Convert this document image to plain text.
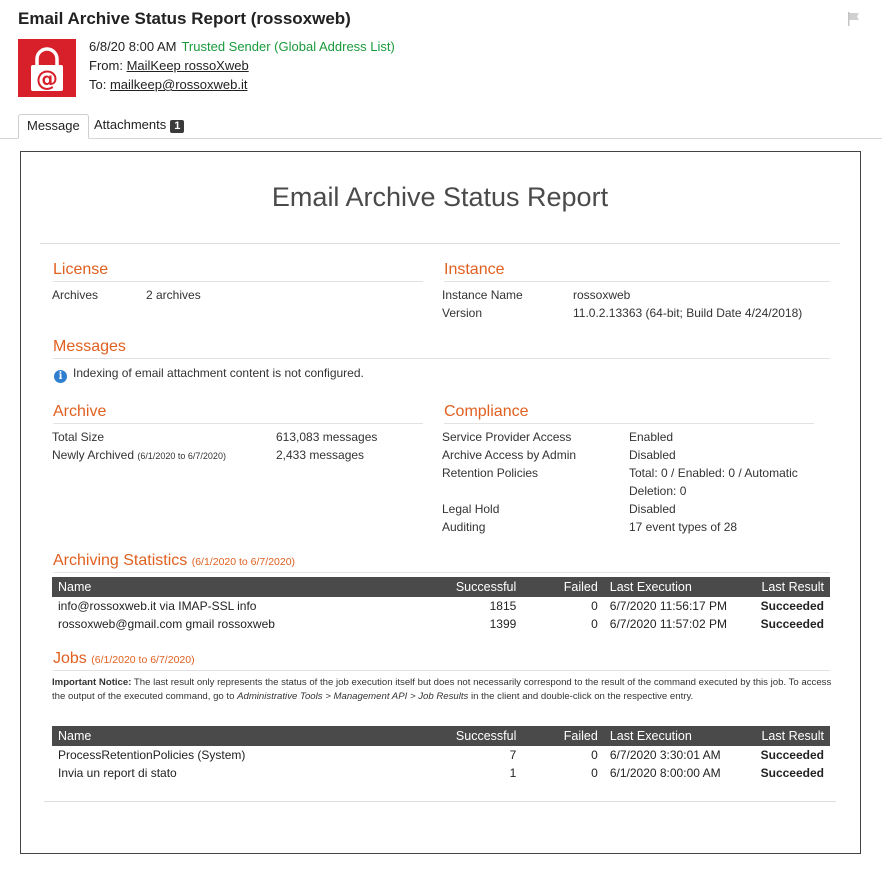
Email Archive Status Report (rossoxweb)
@
6/8/20 8:00 AM Trusted Sender (Global Address List)
From: MailKeep rossoXweb
To: mailkeep@rossoxweb.it
Message	Attachments 1
Email Archive Status Report
License
Archives	2 archives
Instance
Instance Name	rossoxweb
Version	11.0.2.13363 (64-bit; Build Date 4/24/2018)
Messages
i Indexing of email attachment content is not configured.
Archive
Total Size	613,083 messages
Newly Archived (6/1/2020 to 6/7/2020)	2,433 messages
Compliance
Service Provider Access	Enabled
Archive Access by Admin	Disabled
Retention Policies	Total: 0 / Enabled: 0 / Automatic
Deletion: 0
Legal Hold	Disabled
Auditing	17 event types of 28
Archiving Statistics (6/1/2020 to 6/7/2020)
Name	Successful	Failed	Last Execution	Last Result
info@rossoxweb.it via IMAP-SSL info	1815	0	6/7/2020 11:56:17 PM	Succeeded
rossoxweb@gmail.com gmail rossoxweb	1399	0	6/7/2020 11:57:02 PM	Succeeded
Jobs (6/1/2020 to 6/7/2020)
Important Notice: The last result only represents the status of the job execution itself but does not necessarily correspond to the result of the command executed by this job. To access the output of the executed command, go to Administrative Tools > Management API > Job Results in the client and double-click on the respective entry.
Name	Successful	Failed	Last Execution	Last Result
ProcessRetentionPolicies (System)	7	0	6/7/2020 3:30:01 AM	Succeeded
Invia un report di stato	1	0	6/1/2020 8:00:00 AM	Succeeded
